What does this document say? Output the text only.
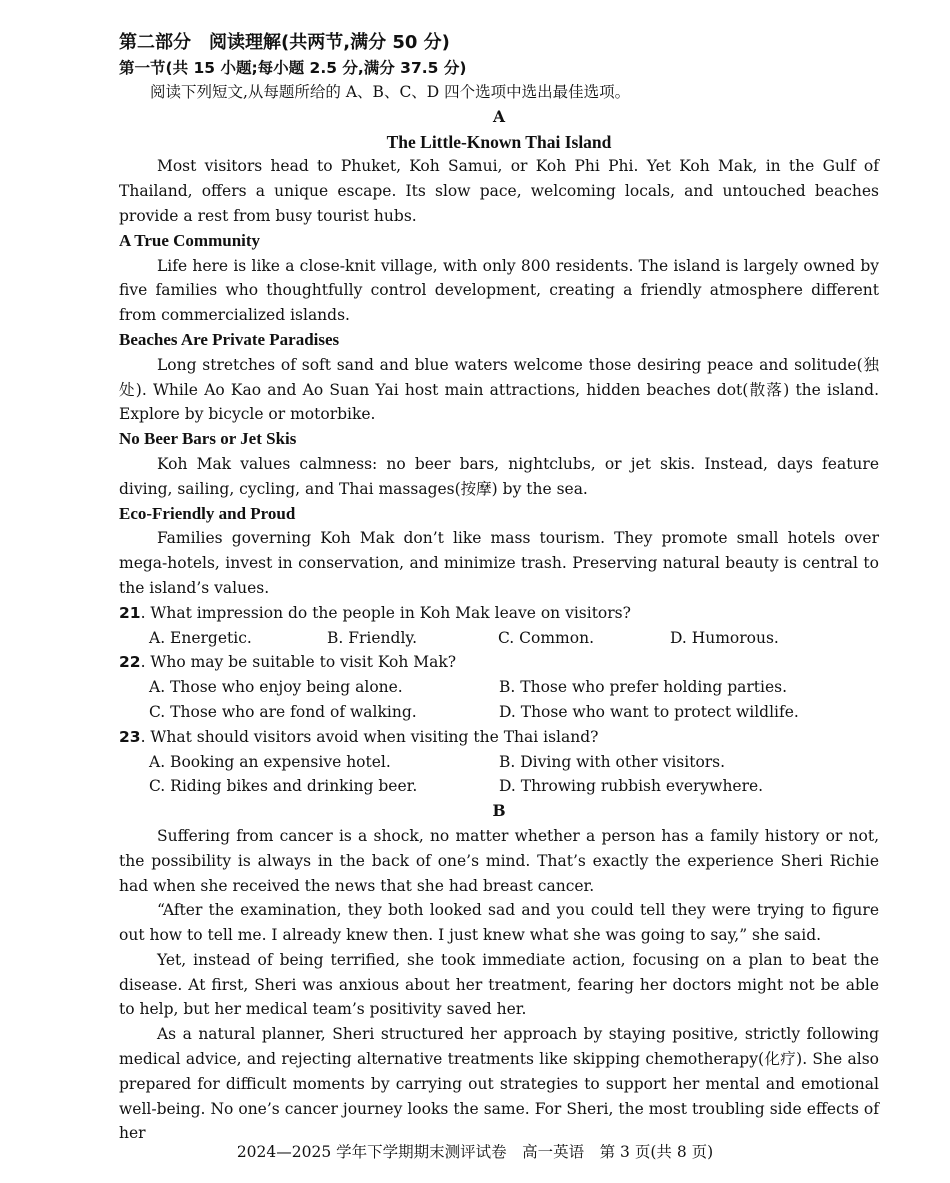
第二部分　阅读理解(共两节,满分 50 分)
第一节(共 15 小题;每小题 2.5 分,满分 37.5 分)

阅读下列短文,从每题所给的 A、B、C、D 四个选项中选出最佳选项。

A

The Little-Known Thai Island

Most visitors head to Phuket, Koh Samui, or Koh Phi Phi. Yet Koh Mak, in the Gulf of Thailand, offers a unique escape. Its slow pace, welcoming locals, and untouched beaches provide a rest from busy tourist hubs.

A True Community

Life here is like a close-knit village, with only 800 residents. The island is largely owned by five families who thoughtfully control development, creating a friendly atmosphere different from commercialized islands.

Beaches Are Private Paradises

Long stretches of soft sand and blue waters welcome those desiring peace and solitude(独处). While Ao Kao and Ao Suan Yai host main attractions, hidden beaches dot(散落) the island. Explore by bicycle or motorbike.

No Beer Bars or Jet Skis

Koh Mak values calmness: no beer bars, nightclubs, or jet skis. Instead, days feature diving, sailing, cycling, and Thai massages(按摩) by the sea.

Eco-Friendly and Proud

Families governing Koh Mak don’t like mass tourism. They promote small hotels over mega-hotels, invest in conservation, and minimize trash. Preserving natural beauty is central to the island’s values.

21 . What impression do the people in Koh Mak leave on visitors?
A. Energetic.	B. Friendly.	C. Common.	D. Humorous.
22 . Who may be suitable to visit Koh Mak?
A. Those who enjoy being alone.	B. Those who prefer holding parties.
C. Those who are fond of walking.	D. Those who want to protect wildlife.
23 . What should visitors avoid when visiting the Thai island?
A. Booking an expensive hotel.	B. Diving with other visitors.
C. Riding bikes and drinking beer.	D. Throwing rubbish everywhere.

B

Suffering from cancer is a shock, no matter whether a person has a family history or not, the possibility is always in the back of one’s mind. That’s exactly the experience Sheri Richie had when she received the news that she had breast cancer.

“After the examination, they both looked sad and you could tell they were trying to figure out how to tell me. I already knew then. I just knew what she was going to say,” she said.

Yet, instead of being terrified, she took immediate action, focusing on a plan to beat the disease. At first, Sheri was anxious about her treatment, fearing her doctors might not be able to help, but her medical team’s positivity saved her.

As a natural planner, Sheri structured her approach by staying positive, strictly following medical advice, and rejecting alternative treatments like skipping chemotherapy(化疗). She also prepared for difficult moments by carrying out strategies to support her mental and emotional well-being. No one’s cancer journey looks the same. For Sheri, the most troubling side effects of her

2024—2025 学年下学期期末测评试卷　高一英语　第 3 页(共 8 页)
